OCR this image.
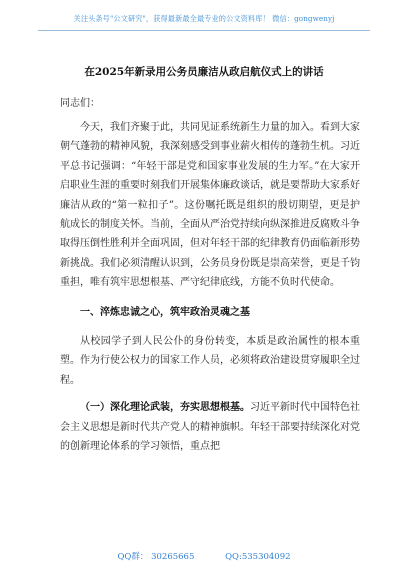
关注头条号"公文研究"，获得最新最全最专业的公文资料库！ 微信：gongwenyj
在2025年新录用公务员廉洁从政启航仪式上的讲话
同志们：

今天，我们齐聚于此，共同见证系统新生力量的加入。看到大家朝气蓬勃的精神风貌，我深刻感受到事业薪火相传的蓬勃生机。习近平总书记强调：“年轻干部是党和国家事业发展的生力军。”在大家开启职业生涯的重要时刻我们开展集体廉政谈话，就是要帮助大家系好廉洁从政的“第一粒扣子”。这份嘱托既是组织的殷切期望，更是护航成长的制度关怀。当前，全面从严治党持续向纵深推进反腐败斗争取得压倒性胜利并全面巩固，但对年轻干部的纪律教育仍面临新形势新挑战。我们必须清醒认识到，公务员身份既是崇高荣誉，更是千钧重担，唯有筑牢思想根基、严守纪律底线，方能不负时代使命。

一、淬炼忠诚之心，筑牢政治灵魂之基

从校园学子到人民公仆的身份转变，本质是政治属性的根本重塑。作为行使公权力的国家工作人员，必须将政治建设贯穿履职全过程。

（一）深化理论武装，夯实思想根基。习近平新时代中国特色社会主义思想是新时代共产党人的精神旗帜。年轻干部要持续深化对党的创新理论体系的学习领悟，重点把

QQ群： 30265665	QQ:535304092
